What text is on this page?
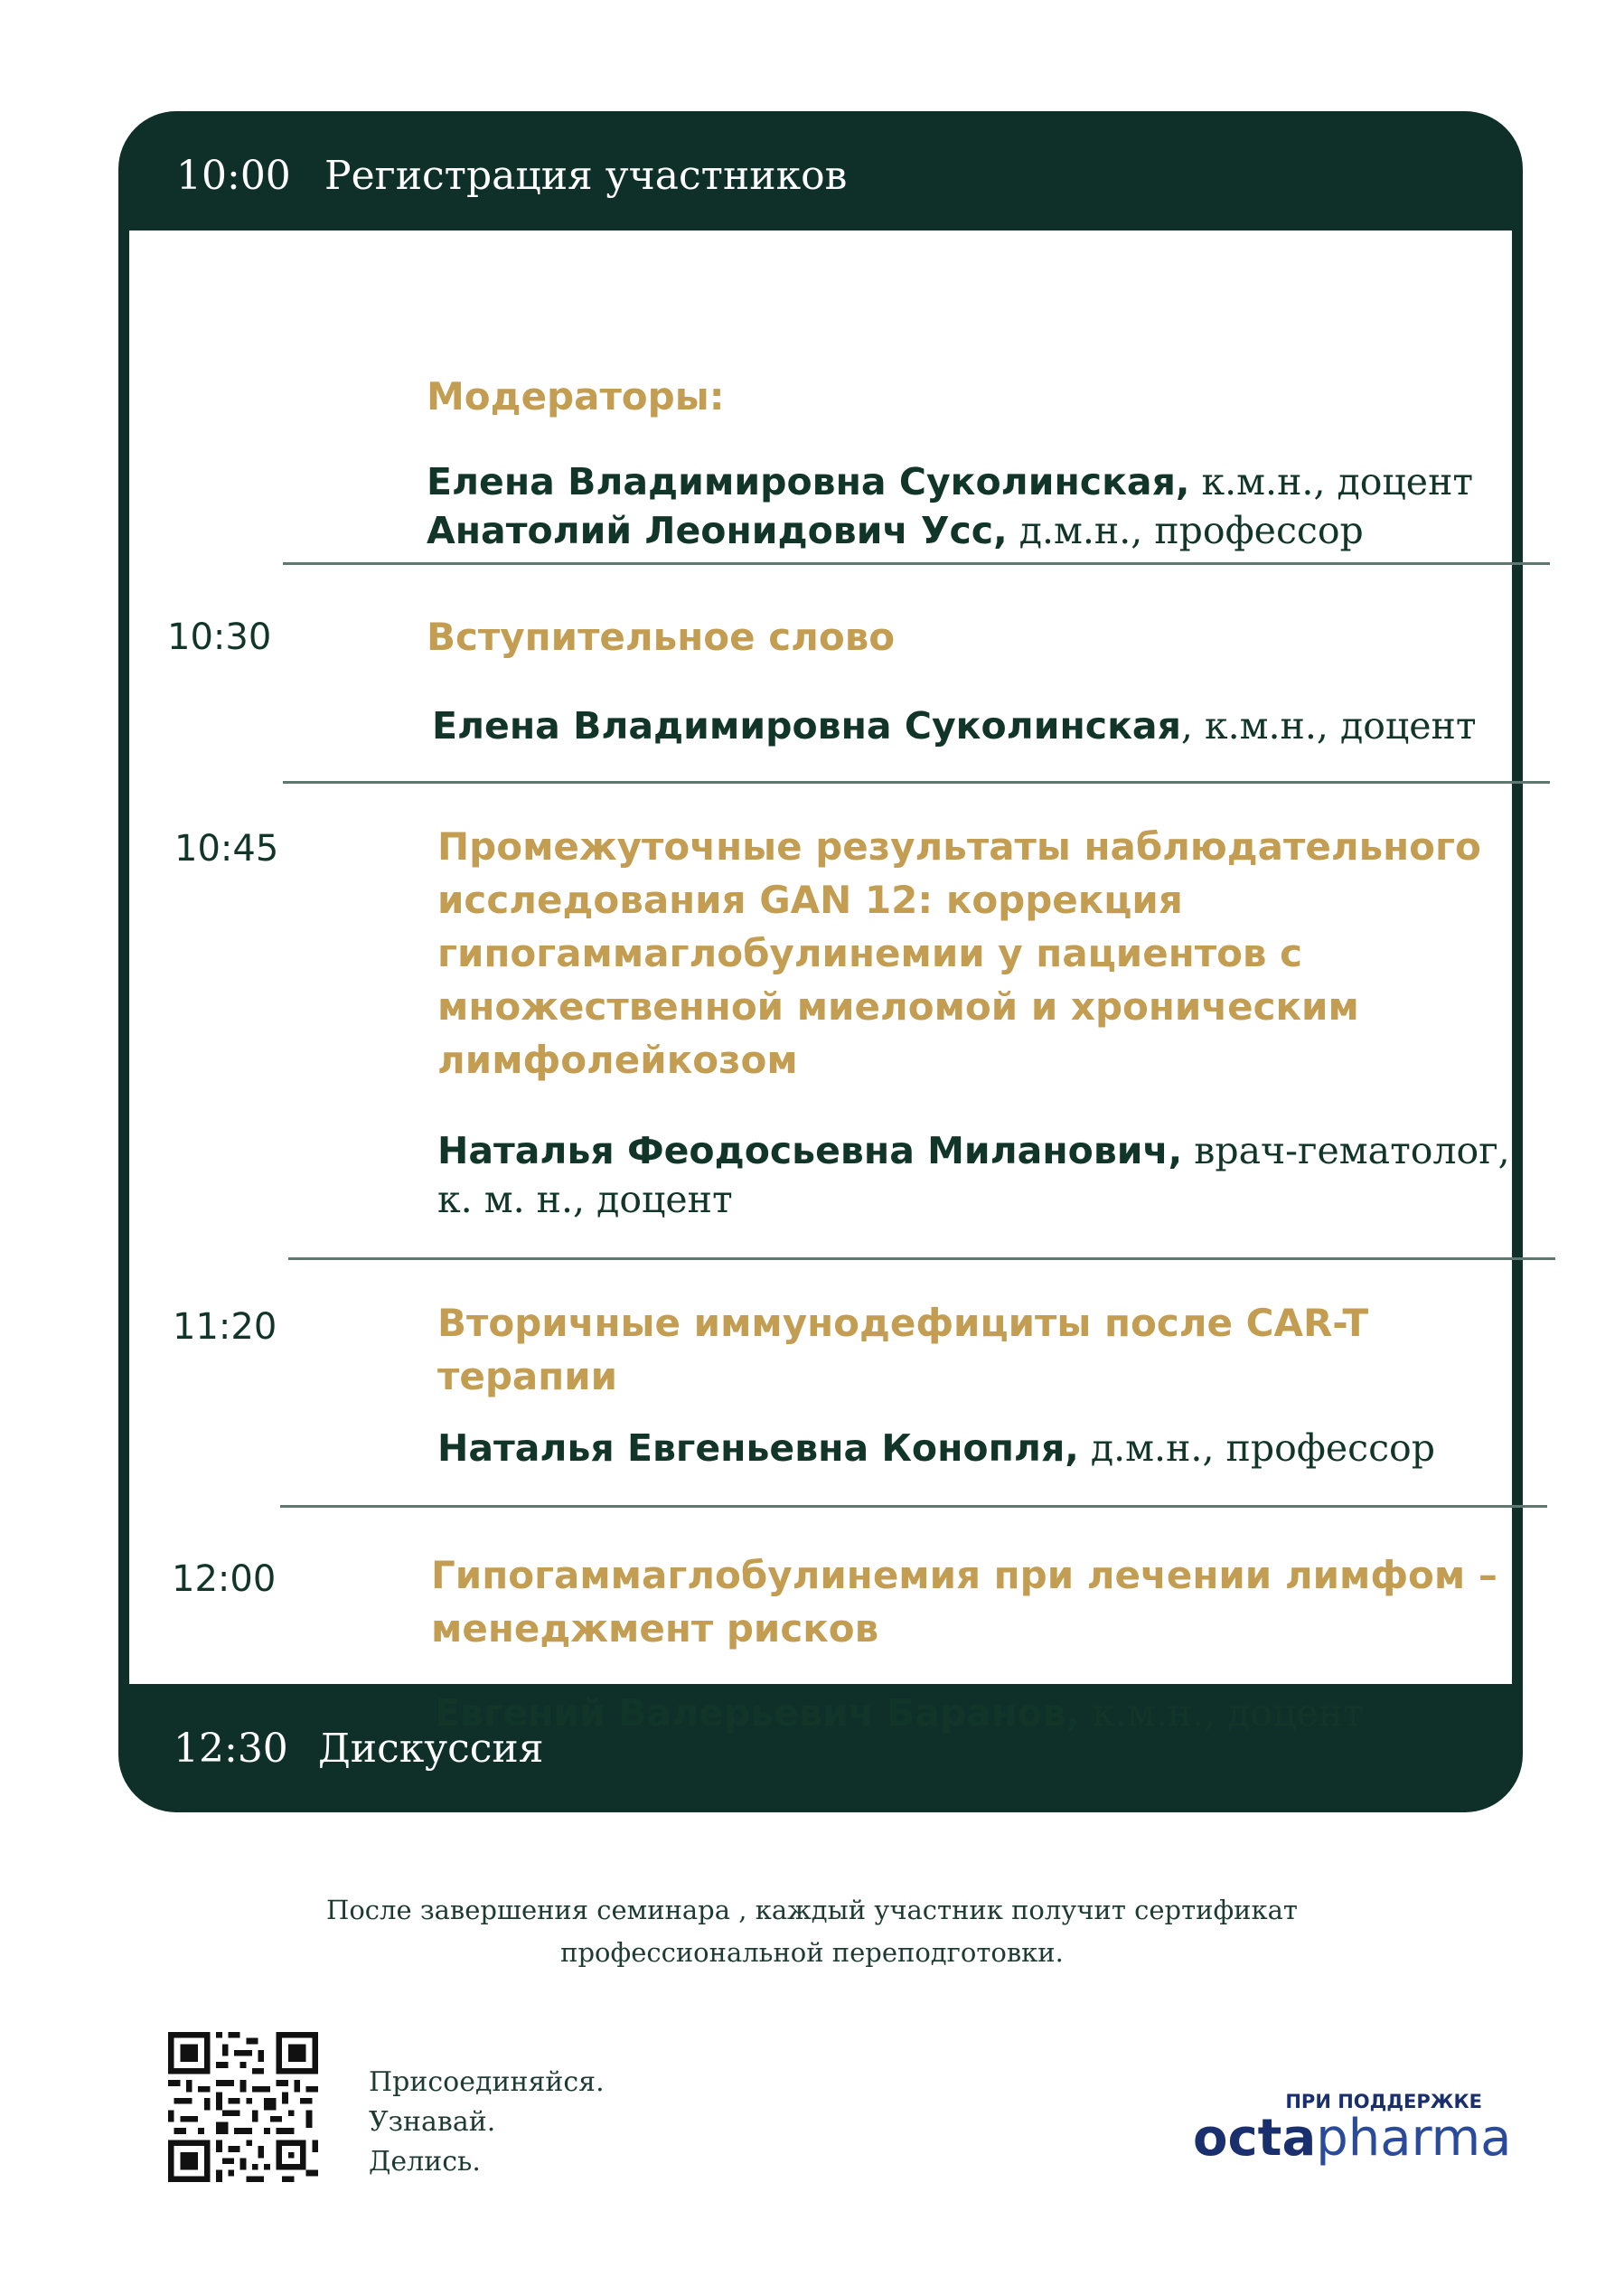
10:00 Регистрация участников
Модераторы:
Елена Владимировна Суколинская, к.м.н., доцент
Анатолий Леонидович Усс, д.м.н., профессор
10:30	Вступительное слово
Елена Владимировна Суколинская, к.м.н., доцент
10:45	Промежуточные результаты наблюдательного
исследования GAN 12: коррекция
гипогаммаглобулинемии у пациентов с
множественной миеломой и хроническим
лимфолейкозом
Наталья Феодосьевна Миланович, врач-гематолог,
к. м. н., доцент
11:20	Вторичные иммунодефициты после CAR-T
терапии
Наталья Евгеньевна Конопля, д.м.н., профессор
12:00	Гипогаммаглобулинемия при лечении лимфом –
менеджмент рисков
Евгений Валерьевич Баранов, к.м.н., доцент
12:30 Дискуссия
После завершения семинара , каждый участник получит сертификат
профессиональной переподготовки.
Присоединяйся.
Узнавай.
Делись.
ПРИ ПОДДЕРЖКЕ
octapharma
